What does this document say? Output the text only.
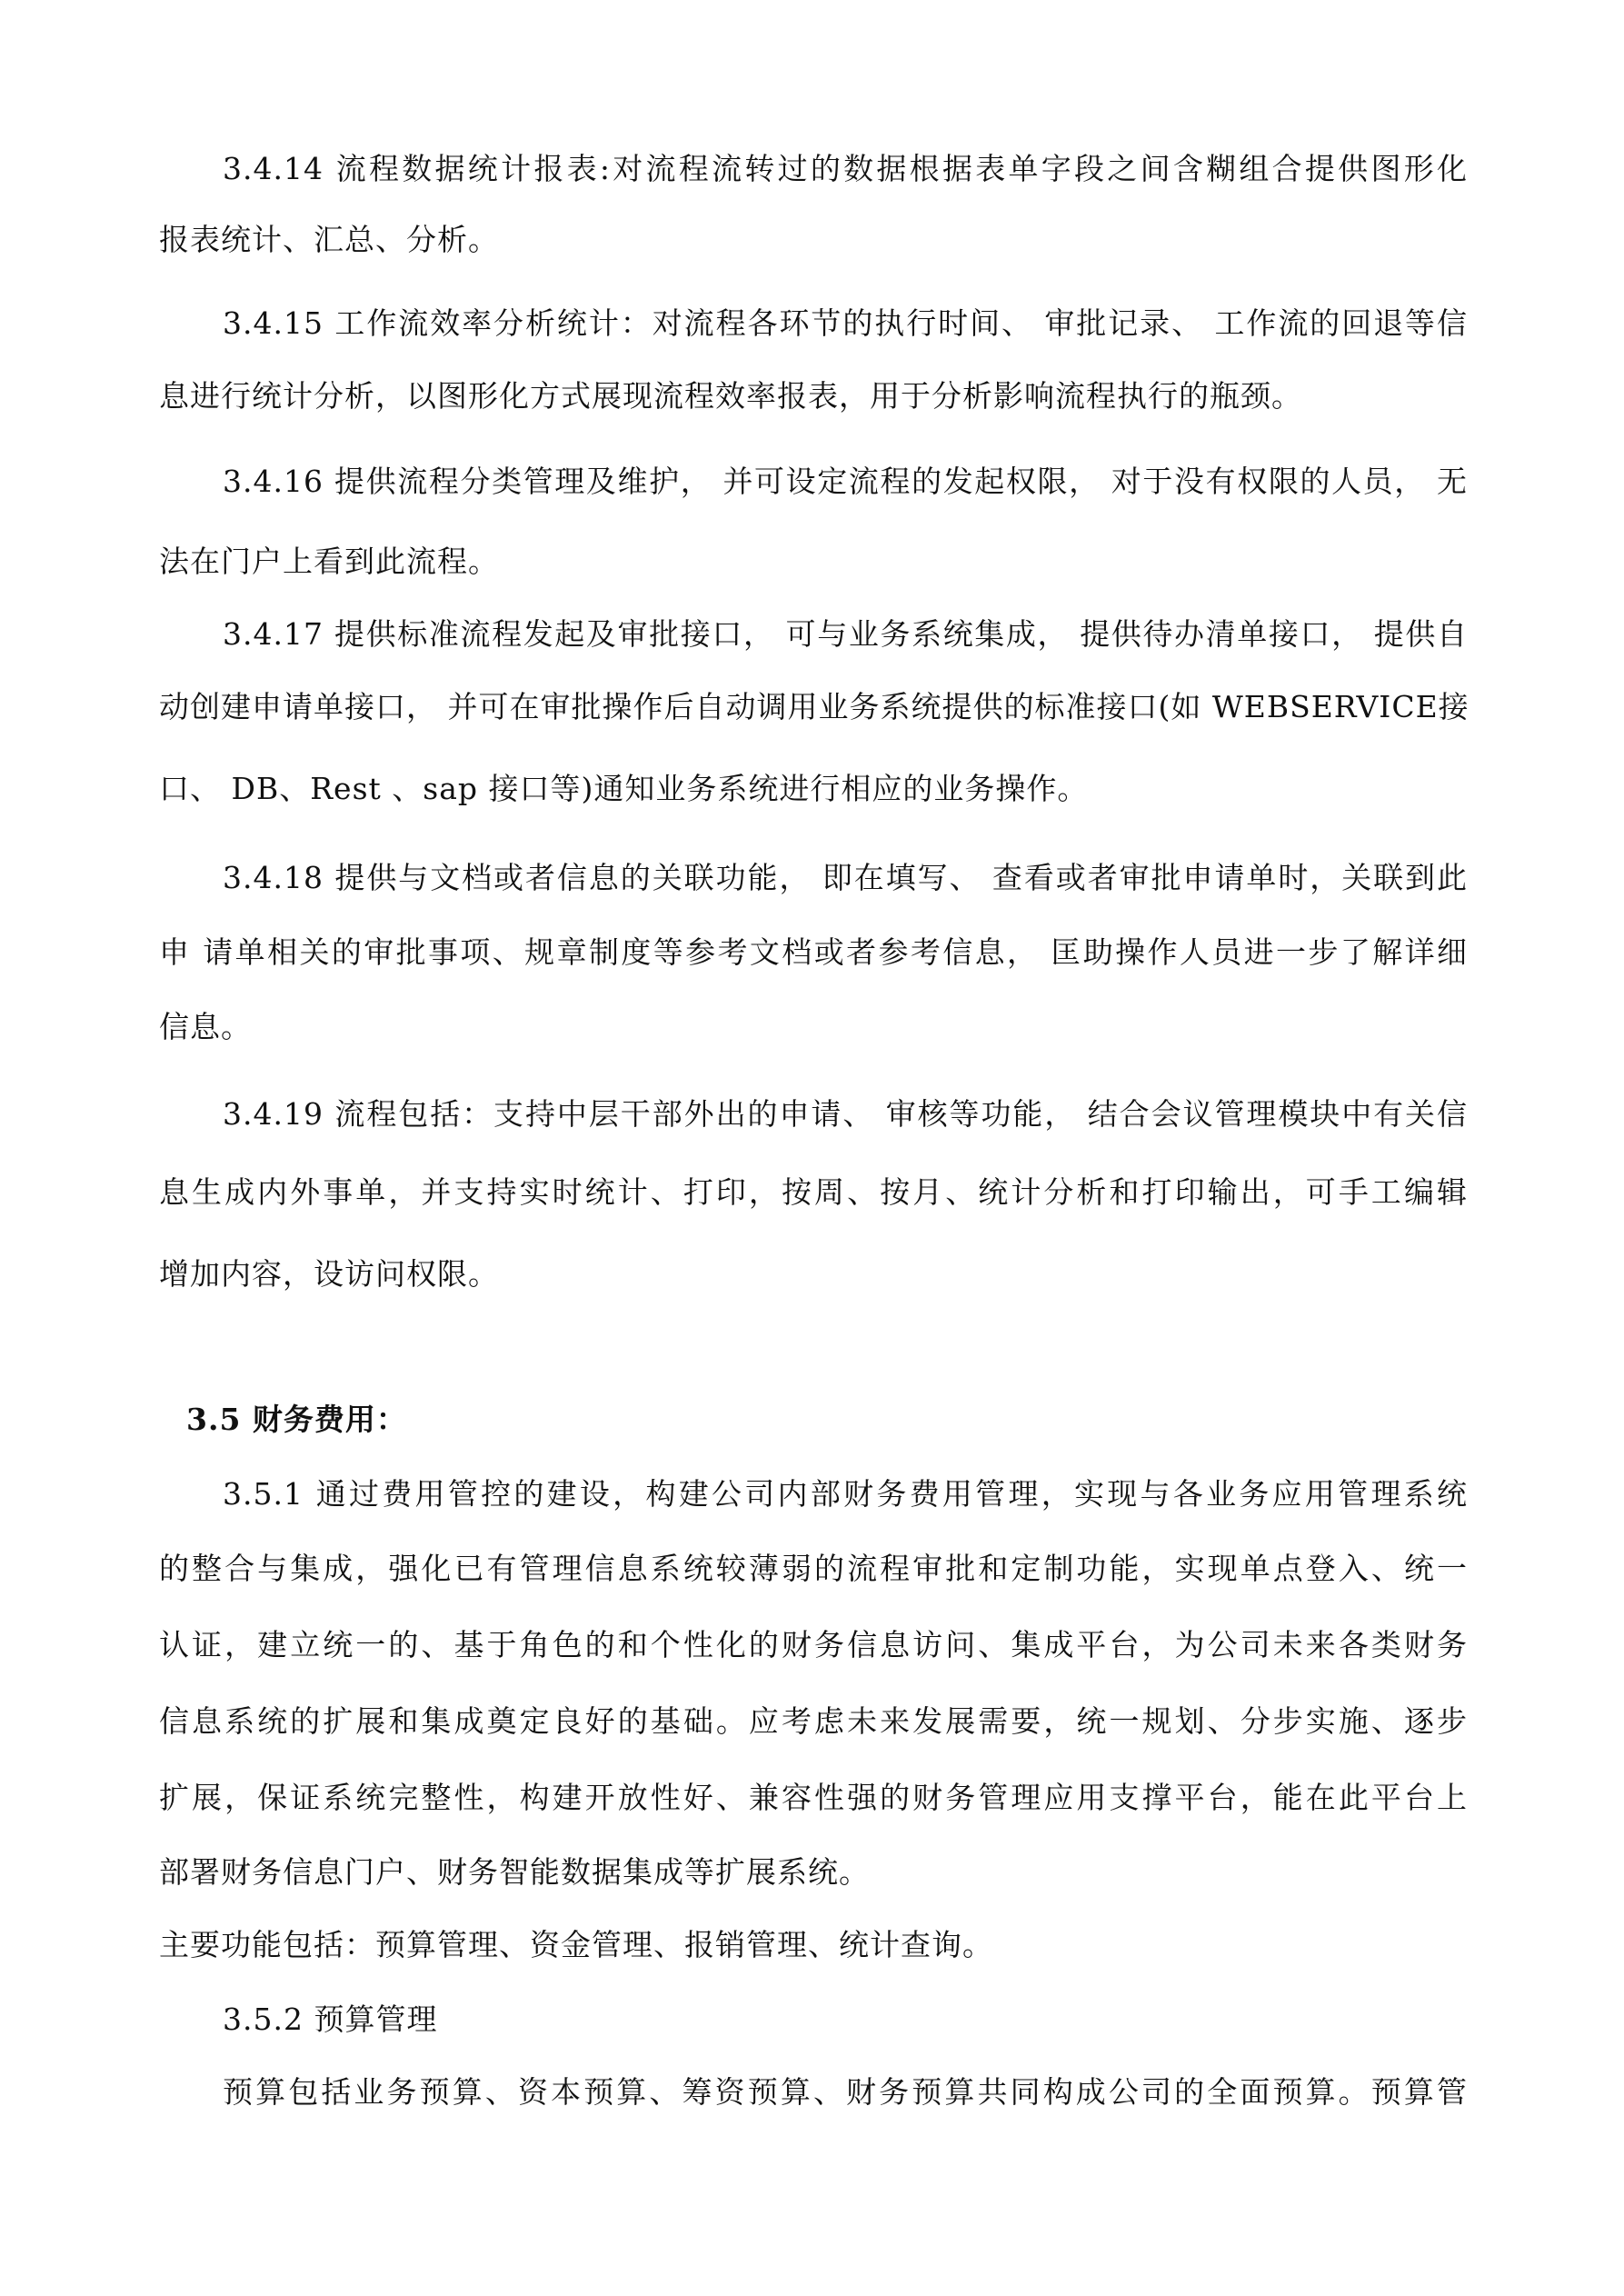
3.4.14 流程数据统计报表:对流程流转过的数据根据表单字段之间含糊组合提供图形化
报表统计、汇总、分析。
3.4.15 工作流效率分析统计：对流程各环节的执行时间、 审批记录、 工作流的回退等信
息进行统计分析，以图形化方式展现流程效率报表，用于分析影响流程执行的瓶颈。
3.4.16 提供流程分类管理及维护， 并可设定流程的发起权限， 对于没有权限的人员， 无
法在门户上看到此流程。
3.4.17 提供标准流程发起及审批接口， 可与业务系统集成， 提供待办清单接口， 提供自
动创建申请单接口， 并可在审批操作后自动调用业务系统提供的标准接口(如 WEBSERVICE接
口、 DB、Rest 、sap 接口等)通知业务系统进行相应的业务操作。
3.4.18 提供与文档或者信息的关联功能， 即在填写、 查看或者审批申请单时，关联到此
申 请单相关的审批事项、规章制度等参考文档或者参考信息， 匡助操作人员进一步了解详细
信息。
3.4.19 流程包括：支持中层干部外出的申请、 审核等功能， 结合会议管理模块中有关信
息生成内外事单，并支持实时统计、打印，按周、按月、统计分析和打印输出，可手工编辑
增加内容，设访问权限。
3.5 财务费用：
3.5.1 通过费用管控的建设，构建公司内部财务费用管理，实现与各业务应用管理系统
的整合与集成，强化已有管理信息系统较薄弱的流程审批和定制功能，实现单点登入、统一
认证，建立统一的、基于角色的和个性化的财务信息访问、集成平台，为公司未来各类财务
信息系统的扩展和集成奠定良好的基础。应考虑未来发展需要，统一规划、分步实施、逐步
扩展，保证系统完整性，构建开放性好、兼容性强的财务管理应用支撑平台，能在此平台上
部署财务信息门户、财务智能数据集成等扩展系统。
主要功能包括：预算管理、资金管理、报销管理、统计查询。
3.5.2 预算管理
预算包括业务预算、资本预算、筹资预算、财务预算共同构成公司的全面预算。预算管
